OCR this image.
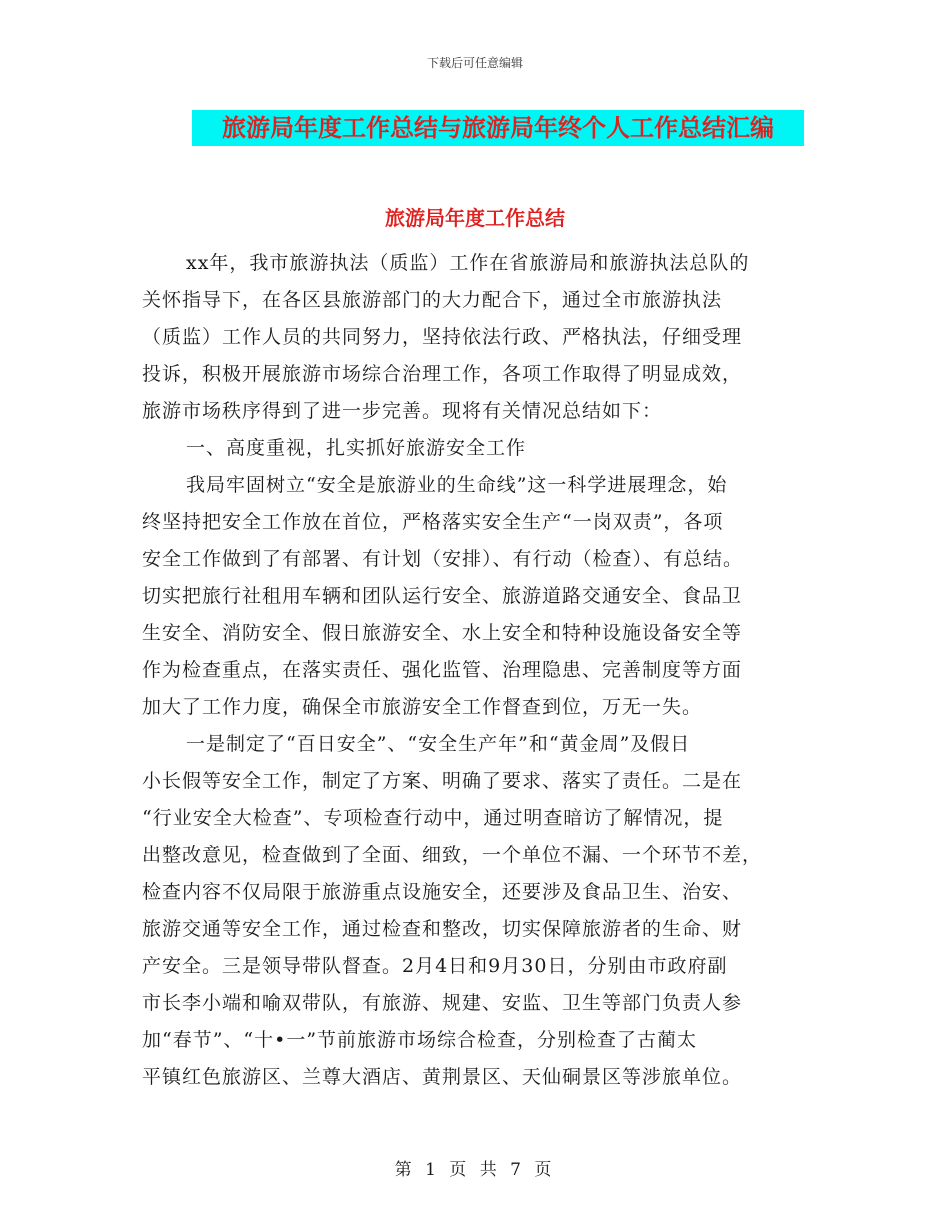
下载后可任意编辑
旅游局年度工作总结与旅游局年终个人工作总结汇编
旅游局年度工作总结
xx年，我市旅游执法（质监）工作在省旅游局和旅游执法总队的
关怀指导下，在各区县旅游部门的大力配合下，通过全市旅游执法
（质监）工作人员的共同努力，坚持依法行政、严格执法，仔细受理
投诉，积极开展旅游市场综合治理工作，各项工作取得了明显成效，
旅游市场秩序得到了进一步完善。现将有关情况总结如下：
一、高度重视，扎实抓好旅游安全工作
我局牢固树立“安全是旅游业的生命线”这一科学进展理念，始
终坚持把安全工作放在首位，严格落实安全生产“一岗双责”，各项
安全工作做到了有部署、有计划（安排）、有行动（检查）、有总结。
切实把旅行社租用车辆和团队运行安全、旅游道路交通安全、食品卫
生安全、消防安全、假日旅游安全、水上安全和特种设施设备安全等
作为检查重点，在落实责任、强化监管、治理隐患、完善制度等方面
加大了工作力度，确保全市旅游安全工作督查到位，万无一失。
一是制定了“百日安全”、“安全生产年”和“黄金周”及假日
小长假等安全工作，制定了方案、明确了要求、落实了责任。二是在
“行业安全大检查”、专项检查行动中，通过明查暗访了解情况，提
出整改意见，检查做到了全面、细致，一个单位不漏、一个环节不差，
检查内容不仅局限于旅游重点设施安全，还要涉及食品卫生、治安、
旅游交通等安全工作，通过检查和整改，切实保障旅游者的生命、财
产安全。三是领导带队督查。2月4日和9月30日，分别由市政府副
市长李小端和喻双带队，有旅游、规建、安监、卫生等部门负责人参
加“春节”、“十•一”节前旅游市场综合检查，分别检查了古蔺太
平镇红色旅游区、兰尊大酒店、黄荆景区、天仙硐景区等涉旅单位。
第 1 页 共 7 页
